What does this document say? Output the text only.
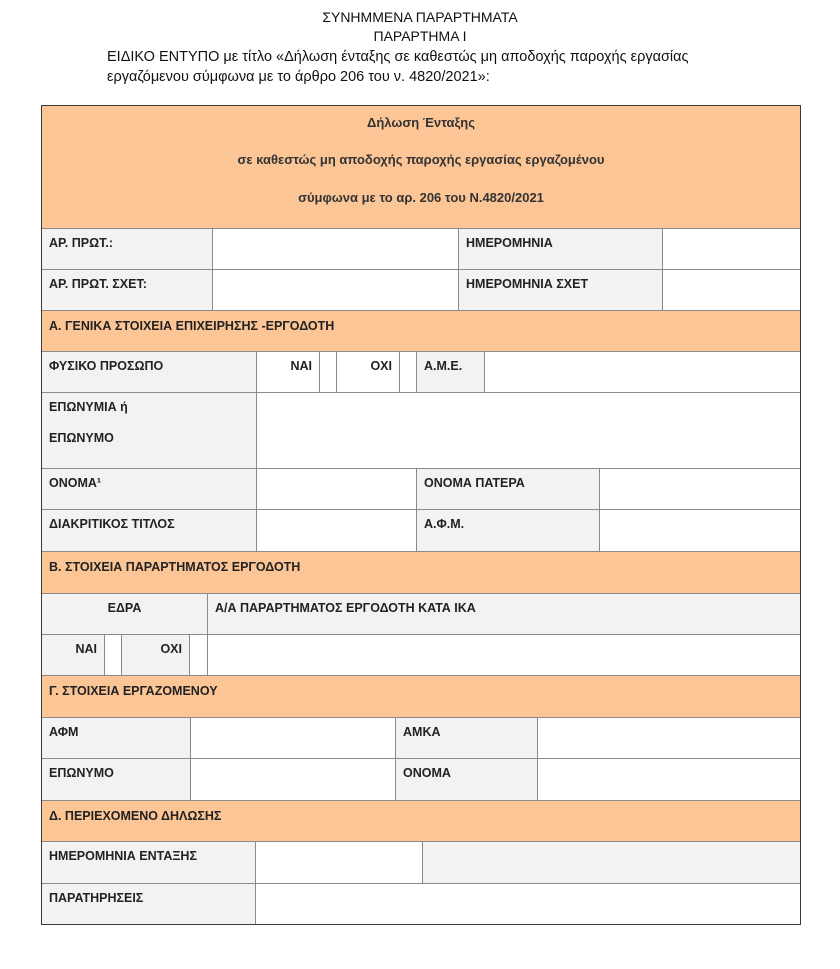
ΣΥΝΗΜΜΕΝΑ ΠΑΡΑΡΤΗΜΑΤΑ
ΠΑΡΑΡΤΗΜΑ Ι
ΕΙΔΙΚΟ ΕΝΤΥΠΟ με τίτλο «Δήλωση ένταξης σε καθεστώς μη αποδοχής παροχής εργασίας
εργαζόμενου σύμφωνα με το άρθρο 206 του ν. 4820/2021»:
Δήλωση Ένταξης
σε καθεστώς μη αποδοχής παροχής εργασίας εργαζομένου
σύμφωνα με το αρ. 206 του Ν.4820/2021
ΑΡ. ΠΡΩΤ.:	ΗΜΕΡΟΜΗΝΙΑ
ΑΡ. ΠΡΩΤ. ΣΧΕΤ:	ΗΜΕΡΟΜΗΝΙΑ ΣΧΕΤ
Α. ΓΕΝΙΚΑ ΣΤΟΙΧΕΙΑ ΕΠΙΧΕΙΡΗΣΗΣ -ΕΡΓΟΔΟΤΗ
ΦΥΣΙΚΟ ΠΡΟΣΩΠΟ	ΝΑΙ	ΟΧΙ	Α.Μ.Ε.
ΕΠΩΝΥΜΙΑ ή
ΕΠΩΝΥΜΟ
ΟΝΟΜΑ¹	ΟΝΟΜΑ ΠΑΤΕΡΑ
ΔΙΑΚΡΙΤΙΚΟΣ ΤΙΤΛΟΣ	Α.Φ.Μ.
Β. ΣΤΟΙΧΕΙΑ ΠΑΡΑΡΤΗΜΑΤΟΣ ΕΡΓΟΔΟΤΗ
ΕΔΡΑ	Α/Α ΠΑΡΑΡΤΗΜΑΤΟΣ ΕΡΓΟΔΟΤΗ ΚΑΤΑ ΙΚΑ
ΝΑΙ	ΟΧΙ
Γ. ΣΤΟΙΧΕΙΑ ΕΡΓΑΖΟΜΕΝΟΥ
ΑΦΜ	ΑΜΚΑ
ΕΠΩΝΥΜΟ	ΟΝΟΜΑ
Δ. ΠΕΡΙΕΧΟΜΕΝΟ ΔΗΛΩΣΗΣ
ΗΜΕΡΟΜΗΝΙΑ ΕΝΤΑΞΗΣ
ΠΑΡΑΤΗΡΗΣΕΙΣ
